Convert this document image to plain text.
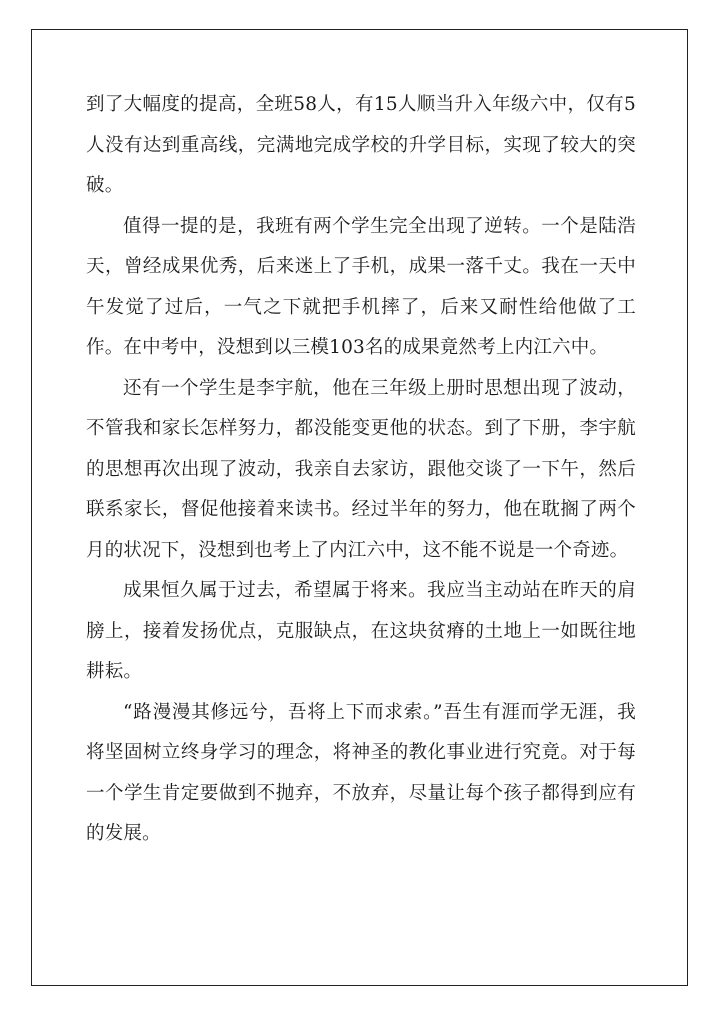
到了大幅度的提高，全班58人，有15人顺当升入年级六中，仅有5人没有达到重高线，完满地完成学校的升学目标，实现了较大的突破。

值得一提的是，我班有两个学生完全出现了逆转。一个是陆浩天，曾经成果优秀，后来迷上了手机，成果一落千丈。我在一天中午发觉了过后，一气之下就把手机摔了，后来又耐性给他做了工作。在中考中，没想到以三模103名的成果竟然考上内江六中。

还有一个学生是李宇航，他在三年级上册时思想出现了波动，不管我和家长怎样努力，都没能变更他的状态。到了下册，李宇航的思想再次出现了波动，我亲自去家访，跟他交谈了一下午，然后联系家长，督促他接着来读书。经过半年的努力，他在耽搁了两个月的状况下，没想到也考上了内江六中，这不能不说是一个奇迹。

成果恒久属于过去，希望属于将来。我应当主动站在昨天的肩膀上，接着发扬优点，克服缺点，在这块贫瘠的土地上一如既往地耕耘。

“路漫漫其修远兮，吾将上下而求索。”吾生有涯而学无涯，我将坚固树立终身学习的理念，将神圣的教化事业进行究竟。对于每一个学生肯定要做到不抛弃，不放弃，尽量让每个孩子都得到应有的发展。
